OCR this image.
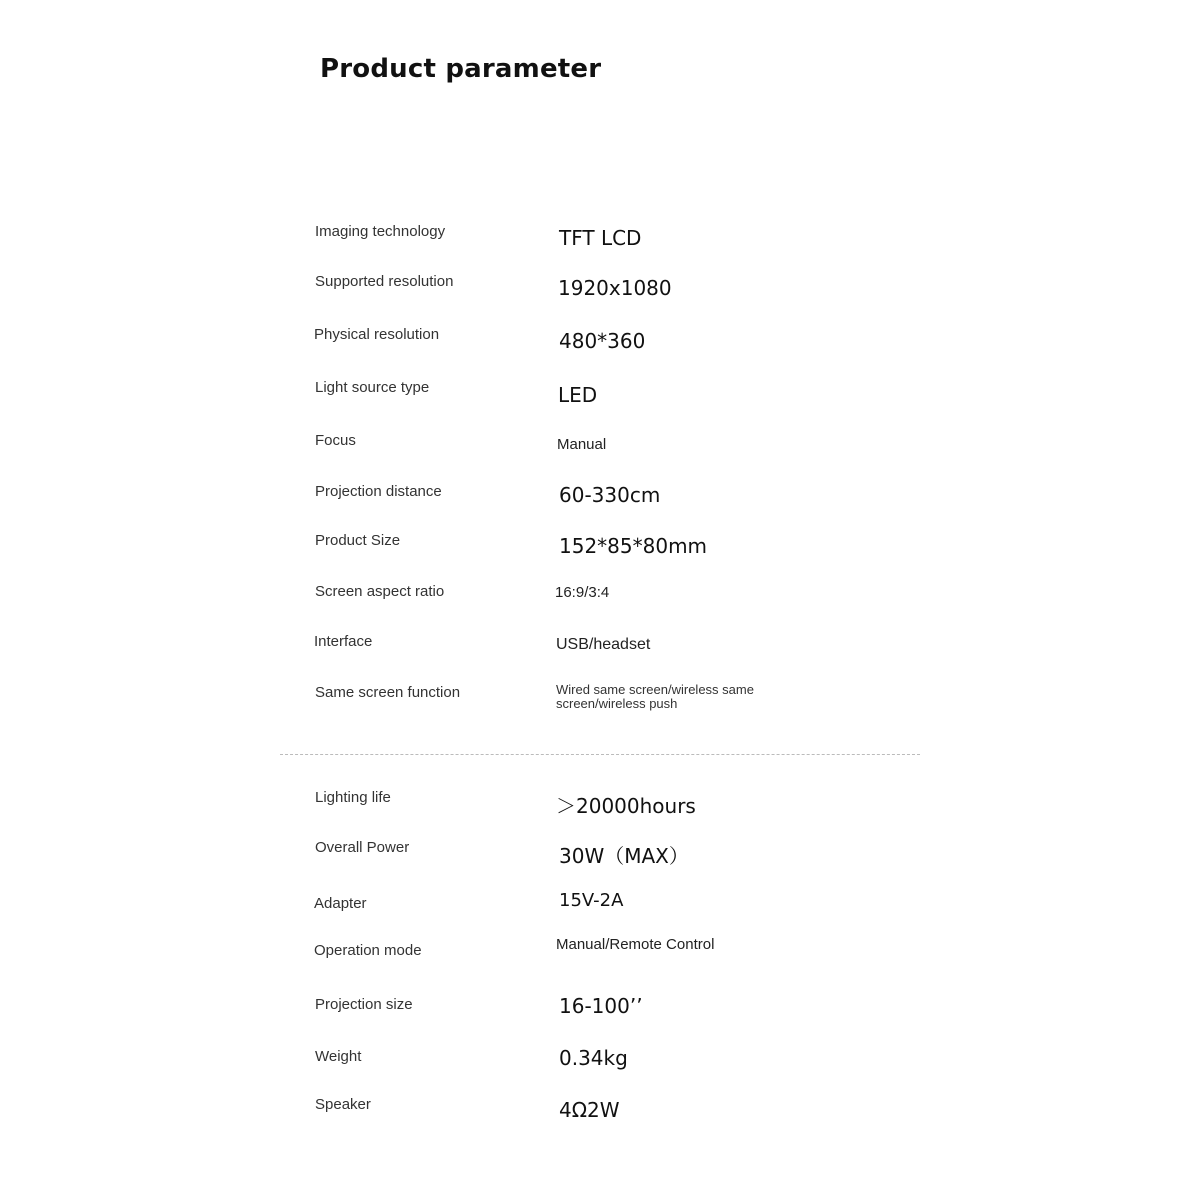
Product parameter
Imaging technology	TFT LCD
Supported resolution	1920x1080
Physical resolution	480*360
Light source type	LED
Focus	Manual
Projection distance	60-330cm
Product Size	152*85*80mm
Screen aspect ratio	16:9/3:4
Interface	USB/headset
Same screen function	Wired same screen/wireless same screen/wireless push
Lighting life	＞20000hours
Overall Power	30W（MAX）
Adapter	15V-2A
Operation mode	Manual/Remote Control
Projection size	16-100’’
Weight	0.34kg
Speaker	4Ω2W
